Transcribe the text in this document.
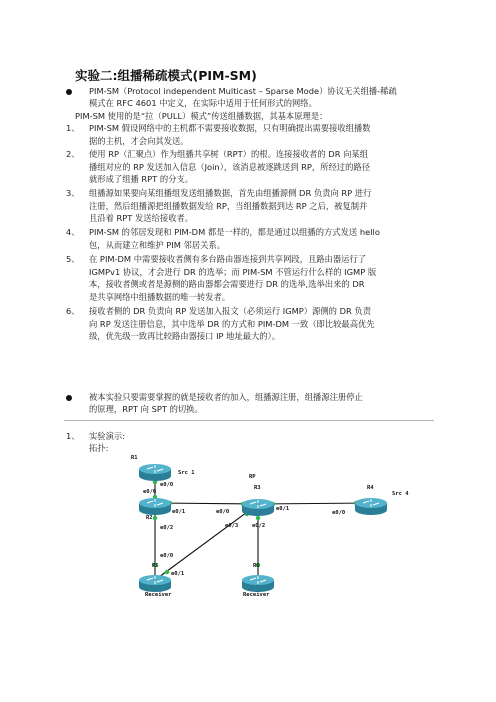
实验二:组播稀疏模式(PIM-SM)
PIM-SM（Protocol independent Multicast – Sparse Mode）协议无关组播-稀疏
模式在 RFC 4601 中定义，在实际中适用于任何形式的网络。
PIM-SM 使用的是“拉（PULL）模式”传送组播数据，其基本原理是：
1、 PIM-SM 假设网络中的主机都不需要接收数据，只有明确提出需要接收组播数
据的主机，才会向其发送。
2、 使用 RP（汇聚点）作为组播共享树（RPT）的根。连接接收者的 DR 向某组
播组对应的 RP 发送加入信息（Join），该消息被逐跳送到 RP，所经过的路径
就形成了组播 RPT 的分支。
3、 组播源如果要向某组播组发送组播数据，首先由组播源侧 DR 负责向 RP 进行
注册，然后组播源把组播数据发给 RP，当组播数据到达 RP 之后，被复制并
且沿着 RPT 发送给接收者。
4、 PIM-SM 的邻居发现和 PIM-DM 都是一样的，都是通过以组播的方式发送 hello
包，从而建立和维护 PIM 邻居关系。
5、 在 PIM-DM 中需要接收者侧有多台路由器连接到共享网段，且路由器运行了
IGMPv1 协议，才会进行 DR 的选举；而 PIM-SM 不管运行什么样的 IGMP 版
本，接收者侧或者是源侧的路由器都会需要进行 DR 的选举,选举出来的 DR
是共享网络中组播数据的唯一转发者。
6、 接收者侧的 DR 负责向 RP 发送加入报文（必须运行 IGMP）源侧的 DR 负责
向 RP 发送注册信息，其中选举 DR 的方式和 PIM-DM 一致（即比较最高优先
级，优先级一致再比较路由器接口 IP 地址最大的）。
被本实验只要需要掌握的就是接收者的加入，组播源注册，组播源注册停止
的原理，RPT 向 SPT 的切换。
1、 实验演示:
拓扑:
R1
Src 1
e0/0
e0/0
R2
e0/1
e0/2
RP
R3
e0/0	e0/1
e0/3	e0/2
R4
Src 4
e0/0
e0/0
e0/1
R5	R6
Receiver	Receiver
